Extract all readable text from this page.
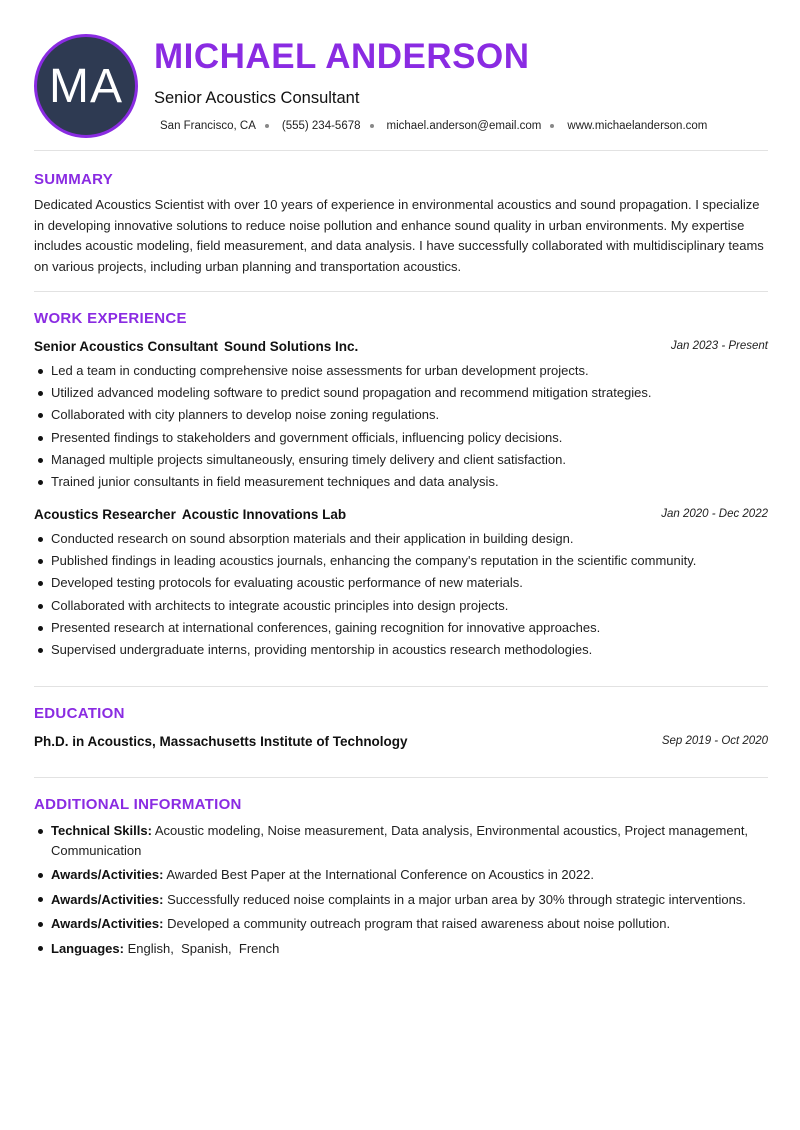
MA
MICHAEL ANDERSON
Senior Acoustics Consultant
San Francisco, CA (555) 234-5678 michael.anderson@email.com www.michaelanderson.com
SUMMARY
Dedicated Acoustics Scientist with over 10 years of experience in environmental acoustics and sound propagation. I specialize in developing innovative solutions to reduce noise pollution and enhance sound quality in urban environments. My expertise includes acoustic modeling, field measurement, and data analysis. I have successfully collaborated with multidisciplinary teams on various projects, including urban planning and transportation acoustics.
WORK EXPERIENCE
Senior Acoustics Consultant Sound Solutions Inc.	Jan 2023 - Present
Led a team in conducting comprehensive noise assessments for urban development projects.
Utilized advanced modeling software to predict sound propagation and recommend mitigation strategies.
Collaborated with city planners to develop noise zoning regulations.
Presented findings to stakeholders and government officials, influencing policy decisions.
Managed multiple projects simultaneously, ensuring timely delivery and client satisfaction.
Trained junior consultants in field measurement techniques and data analysis.
Acoustics Researcher Acoustic Innovations Lab	Jan 2020 - Dec 2022
Conducted research on sound absorption materials and their application in building design.
Published findings in leading acoustics journals, enhancing the company's reputation in the scientific community.
Developed testing protocols for evaluating acoustic performance of new materials.
Collaborated with architects to integrate acoustic principles into design projects.
Presented research at international conferences, gaining recognition for innovative approaches.
Supervised undergraduate interns, providing mentorship in acoustics research methodologies.
EDUCATION
Ph.D. in Acoustics, Massachusetts Institute of Technology	Sep 2019 - Oct 2020
ADDITIONAL INFORMATION
Technical Skills: Acoustic modeling, Noise measurement, Data analysis, Environmental acoustics, Project management, Communication
Awards/Activities: Awarded Best Paper at the International Conference on Acoustics in 2022.
Awards/Activities: Successfully reduced noise complaints in a major urban area by 30% through strategic interventions.
Awards/Activities: Developed a community outreach program that raised awareness about noise pollution.
Languages: English,  Spanish,  French
